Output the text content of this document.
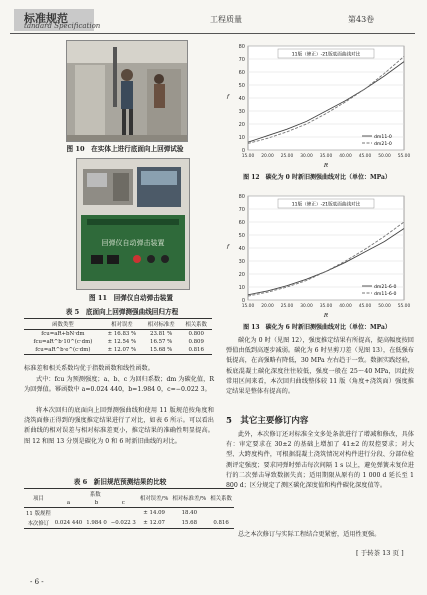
标准规范
tandard Specification
工程质量	第43卷
图 10　在实体上进行底面向上回弹试验
回弹仪自动弹击装置
图 11　回弹仪自动弹击装置
表 5　底面向上回弹测强曲线回归方程
函数类型	相对误差	相对标准差	相关系数
fcu=aR+bN·dm	± 16.83 %	23.81 %	0.800
fcu=aR^b·10^(c·dm)	± 12.54 %	16.57 %	0.809
fcu=aR^b·e^(c·dm)	± 12.07 %	15.68 %	0.816

标准差和相关系数均优于指数函数和线性函数。

式中：fcu 为预测强度；a、b、c 为回归系数；dm 为碳化值，R 为回弹值。幂函数中 a=0.024 440，b=1.984 0，c=−0.022 3。

将本次回归的底面向上回弹测强曲线和使用 11 版规范按角度和浇筑面修正得到的强度推定结果进行了对比，如表 6 所示。可以看出新曲线的相对误差与相对标准差更小，推定结果的准确性明显提高。图 12 和图 13 分别是碳化为 0 和 6 时新旧曲线的对比。

表 6　新旧规范预测结果的比较
项目	系数			相对误差/%	相对标准差/%	相关系数
	a	b	c			
11 版规程				± 14.09	18.40	
本次修订	0.024 440	1.984 0	−0.022 3	± 12.07	15.68	0.816
0
10
20
30
40
50
60
70
80
15.00 20.00 25.00 30.00 35.00 40.00 45.00 50.00 55.00
R
f
11版（修正）-21版底面曲线对比
dm11-0
dm21-0
图 12　碳化为 0 时新旧测强曲线对比（单位：MPa）
0
10
20
30
40
50
60
70
80
15.00 20.00 25.00 30.00 35.00 40.00 45.00 50.00 55.00
R
f
11版（修正）-21版底面曲线对比
dm21-6-0
dm11-6-0
图 13　碳化为 6 时新旧测强曲线对比（单位：MPa）

碳化为 0 时（见图 12），强度推定结果有所提高，提高幅度按回弹值由低到高逐步减弱。碳化为 6 时呈剪刀差（见图 13），在低强布低提高，在高强略有降低，30 MPa 左右趋于一致。数据实践经验，板底混凝土碳化深度往往较低，强度一般在 25～40 MPa，因此按常用区间来看，本次回归曲线整体较 11 版（角度+浇筑面）强度推定结果是整体有提高的。

5　其它主要修订内容

此外，本次修订还对标准全文多处条款进行了增减和修改，具体有：审定要求在 30±2 的基础上增加了 41±2 的双控要求；对大型、大跨度构件，可根据混凝土浇筑情况对构件进行分段、分部位检测评定强度；要求同弹时弹击每次间隔 1 s 以上，避免弹簧未复位进行的二次弹击导致数据失真；适用期限从原有的 1 000 d 延长至 1 800 d；区分规定了测区碳化深度值和构件碳化深度值等。

总之本次修订与实际工程结合更紧密，适用性更强。

[ 于转茶 13 页 ]
- 6 -
